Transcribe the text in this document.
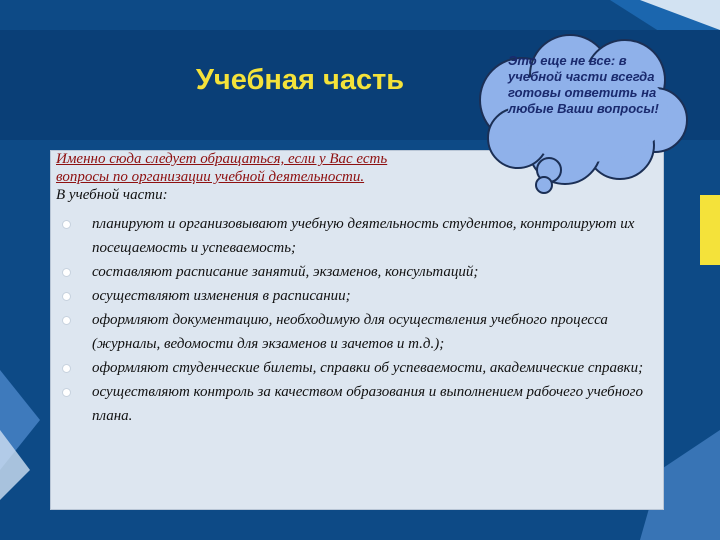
Учебная часть
Именно сюда следует обращаться, если у Вас есть
вопросы по организации учебной деятельности.
В учебной части:
планируют и организовывают учебную деятельность студентов, контролируют их посещаемость и успеваемость;
составляют расписание занятий, экзаменов, консультаций;
осуществляют изменения в расписании;
оформляют документацию, необходимую для осуществления учебного процесса (журналы, ведомости для экзаменов и зачетов и т.д.);
оформляют студенческие билеты, справки об успеваемости, академические справки;
осуществляют контроль за качеством образования и выполнением рабочего учебного плана.
Это еще не все: в учебной части всегда готовы ответить на любые Ваши вопросы!
